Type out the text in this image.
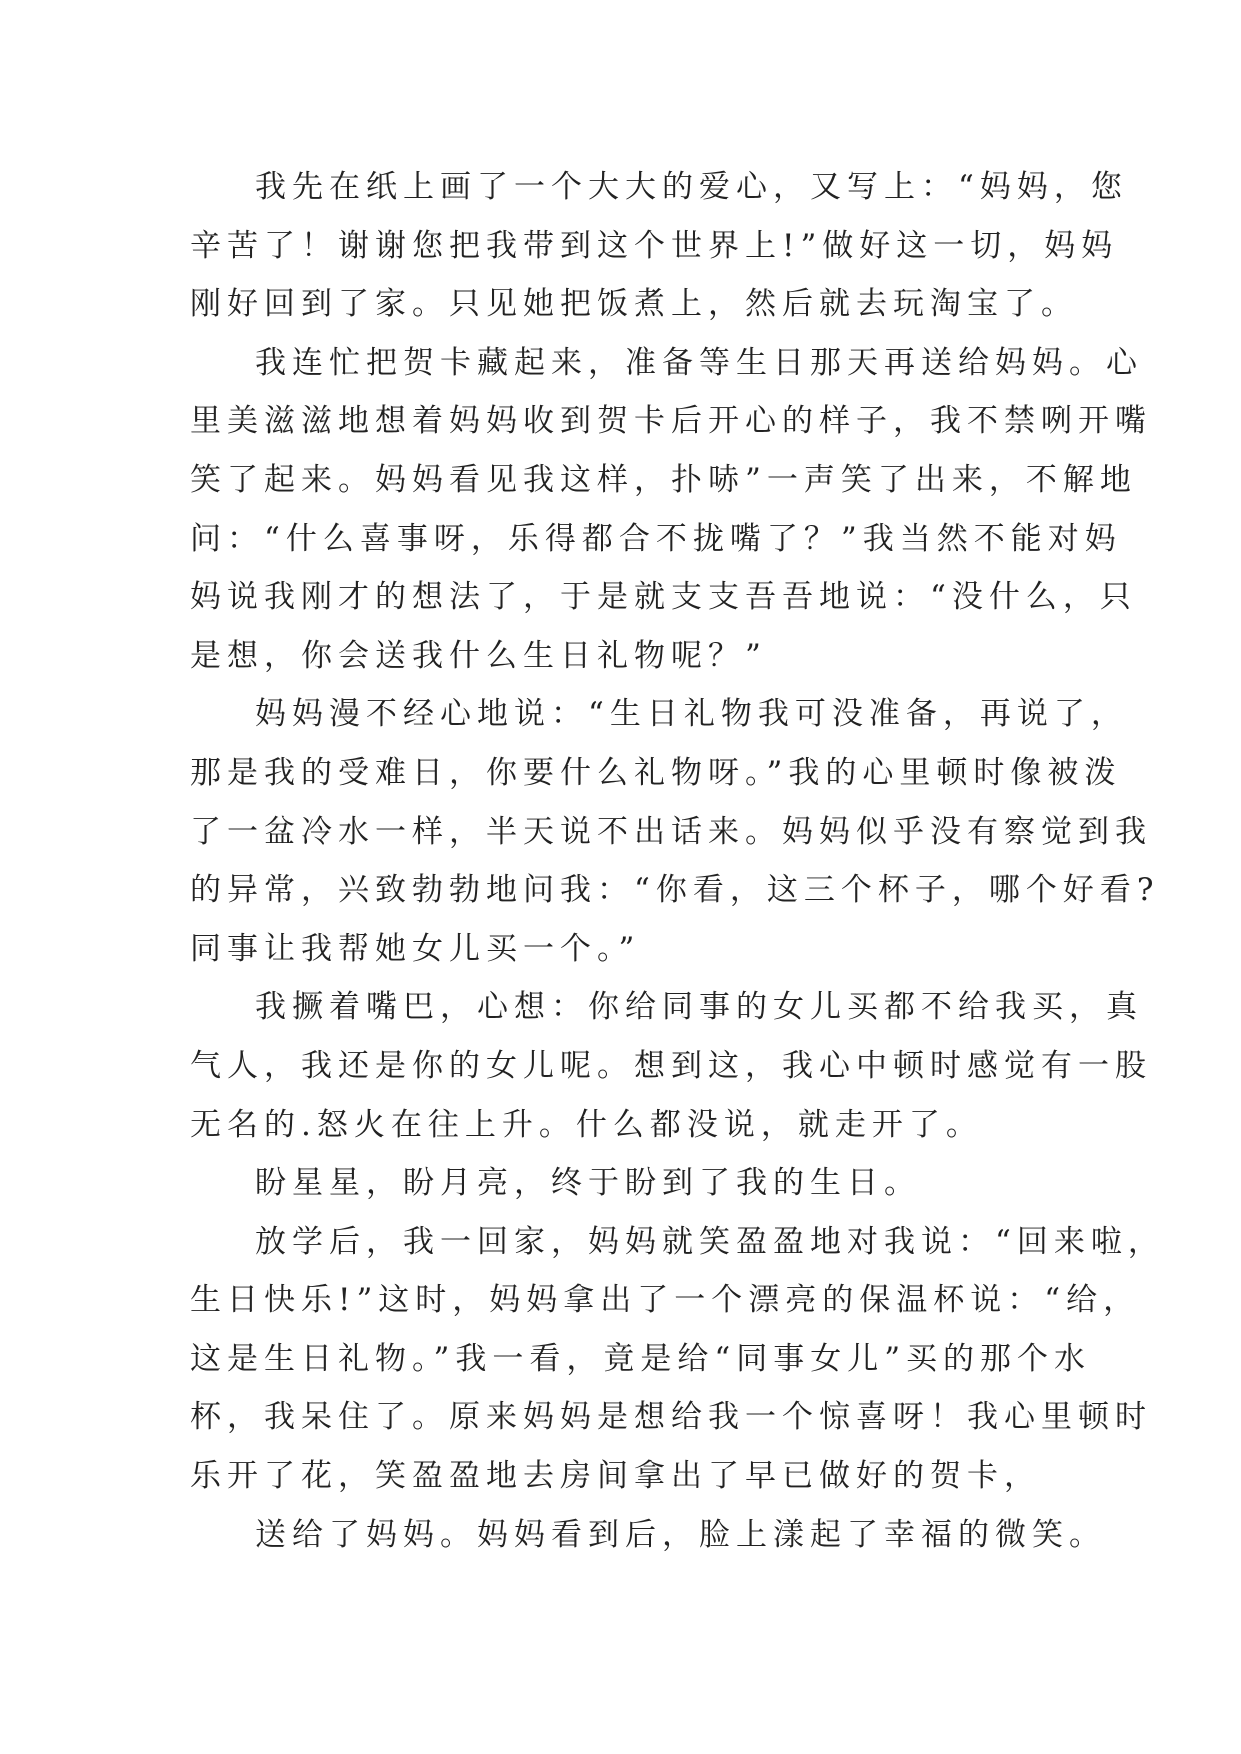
我先在纸上画了一个大大的爱心，又写上：“妈妈，您
辛苦了！谢谢您把我带到这个世界上!”做好这一切，妈妈
刚好回到了家。只见她把饭煮上，然后就去玩淘宝了。
我连忙把贺卡藏起来，准备等生日那天再送给妈妈。心
里美滋滋地想着妈妈收到贺卡后开心的样子，我不禁咧开嘴
笑了起来。妈妈看见我这样，扑哧”一声笑了出来，不解地
问：“什么喜事呀，乐得都合不拢嘴了？”我当然不能对妈
妈说我刚才的想法了，于是就支支吾吾地说：“没什么，只
是想，你会送我什么生日礼物呢？”
妈妈漫不经心地说：“生日礼物我可没准备，再说了，
那是我的受难日，你要什么礼物呀。”我的心里顿时像被泼
了一盆冷水一样，半天说不出话来。妈妈似乎没有察觉到我
的异常，兴致勃勃地问我：“你看，这三个杯子，哪个好看?
同事让我帮她女儿买一个。”
我撅着嘴巴，心想：你给同事的女儿买都不给我买，真
气人，我还是你的女儿呢。想到这，我心中顿时感觉有一股
无名的.怒火在往上升。什么都没说，就走开了。
盼星星，盼月亮，终于盼到了我的生日。
放学后，我一回家，妈妈就笑盈盈地对我说：“回来啦，
生日快乐!”这时，妈妈拿出了一个漂亮的保温杯说：“给，
这是生日礼物。”我一看，竟是给“同事女儿”买的那个水
杯，我呆住了。原来妈妈是想给我一个惊喜呀！我心里顿时
乐开了花，笑盈盈地去房间拿出了早已做好的贺卡，
送给了妈妈。妈妈看到后，脸上漾起了幸福的微笑。
